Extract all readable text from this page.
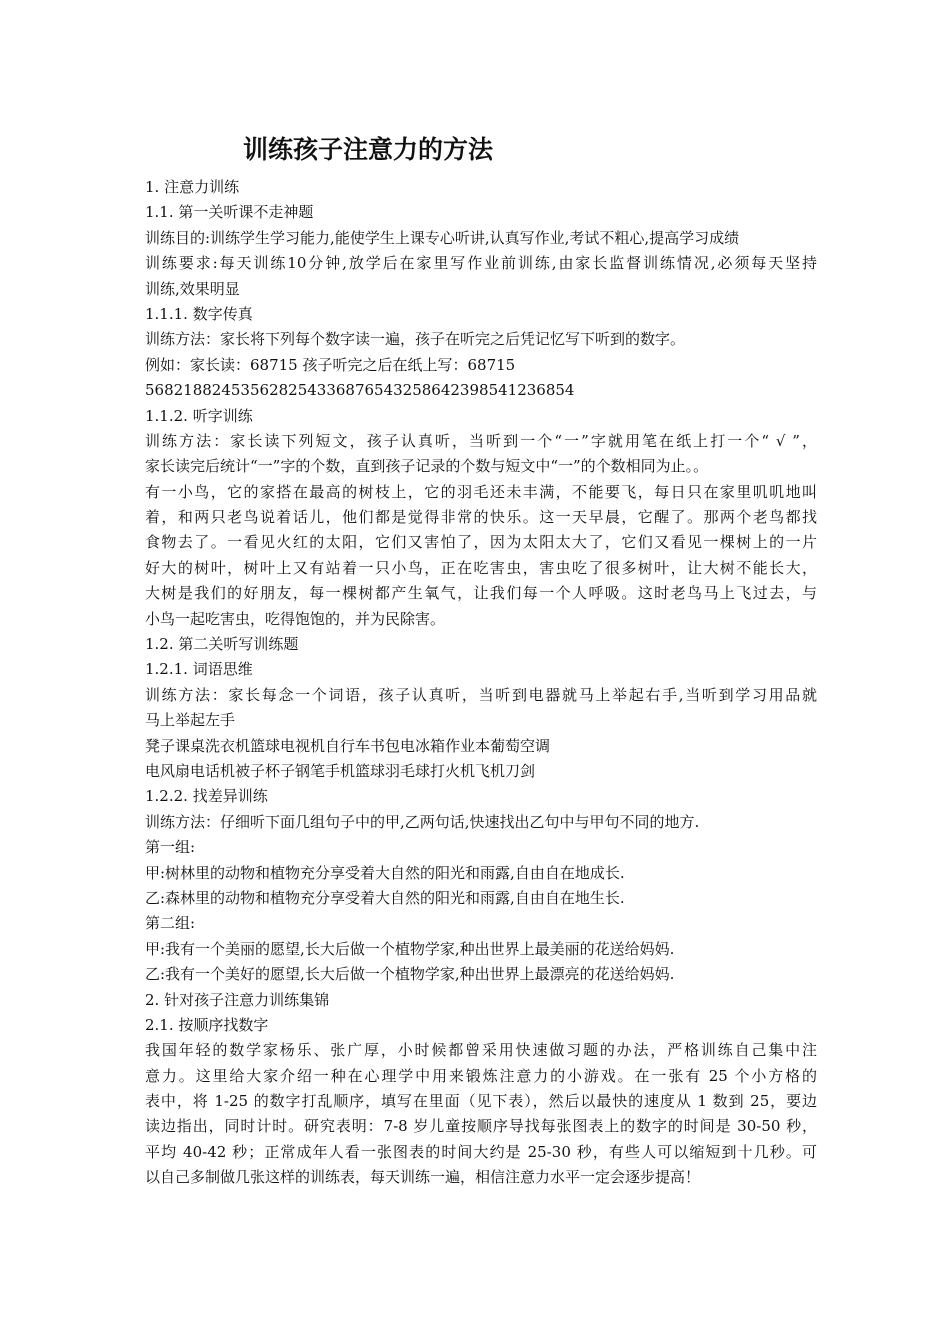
训练孩子注意力的方法
1. 注意力训练
1.1. 第一关听课不走神题
训练目的:训练学生学习能力,能使学生上课专心听讲,认真写作业,考试不粗心,提高学习成绩
训练要求:每天训练10分钟,放学后在家里写作业前训练,由家长监督训练情况,必须每天坚持
训练,效果明显
1.1.1. 数字传真
训练方法：家长将下列每个数字读一遍，孩子在听完之后凭记忆写下听到的数字。
例如：家长读：68715 孩子听完之后在纸上写：68715
568218824535628254336876543258642398541236854
1.1.2. 听字训练
训练方法：家长读下列短文，孩子认真听，当听到一个“一”字就用笔在纸上打一个“ √ ”，
家长读完后统计“一”字的个数，直到孩子记录的个数与短文中“一”的个数相同为止。。
有一小鸟，它的家搭在最高的树枝上，它的羽毛还未丰满，不能要飞，每日只在家里叽叽地叫
着，和两只老鸟说着话儿，他们都是觉得非常的快乐。这一天早晨，它醒了。那两个老鸟都找
食物去了。一看见火红的太阳，它们又害怕了，因为太阳太大了，它们又看见一棵树上的一片
好大的树叶，树叶上又有站着一只小鸟，正在吃害虫，害虫吃了很多树叶，让大树不能长大，
大树是我们的好朋友，每一棵树都产生氧气，让我们每一个人呼吸。这时老鸟马上飞过去，与
小鸟一起吃害虫，吃得饱饱的，并为民除害。
1.2. 第二关听写训练题
1.2.1. 词语思维
训练方法：家长每念一个词语，孩子认真听，当听到电器就马上举起右手,当听到学习用品就
马上举起左手
凳子课桌洗衣机篮球电视机自行车书包电冰箱作业本葡萄空调
电风扇电话机被子杯子钢笔手机篮球羽毛球打火机飞机刀剑
1.2.2. 找差异训练
训练方法：仔细听下面几组句子中的甲,乙两句话,快速找出乙句中与甲句不同的地方.
第一组:
甲:树林里的动物和植物充分享受着大自然的阳光和雨露,自由自在地成长.
乙:森林里的动物和植物充分享受着大自然的阳光和雨露,自由自在地生长.
第二组:
甲:我有一个美丽的愿望,长大后做一个植物学家,种出世界上最美丽的花送给妈妈.
乙:我有一个美好的愿望,长大后做一个植物学家,种出世界上最漂亮的花送给妈妈.
2. 针对孩子注意力训练集锦
2.1. 按顺序找数字
我国年轻的数学家杨乐、张广厚，小时候都曾采用快速做习题的办法，严格训练自己集中注
意力。这里给大家介绍一种在心理学中用来锻炼注意力的小游戏。在一张有 25 个小方格的
表中，将 1-25 的数字打乱顺序，填写在里面（见下表），然后以最快的速度从 1 数到 25，要边
读边指出，同时计时。研究表明：7-8 岁儿童按顺序导找每张图表上的数字的时间是 30-50 秒，
平均 40-42 秒；正常成年人看一张图表的时间大约是 25-30 秒，有些人可以缩短到十几秒。可
以自己多制做几张这样的训练表，每天训练一遍，相信注意力水平一定会逐步提高！
